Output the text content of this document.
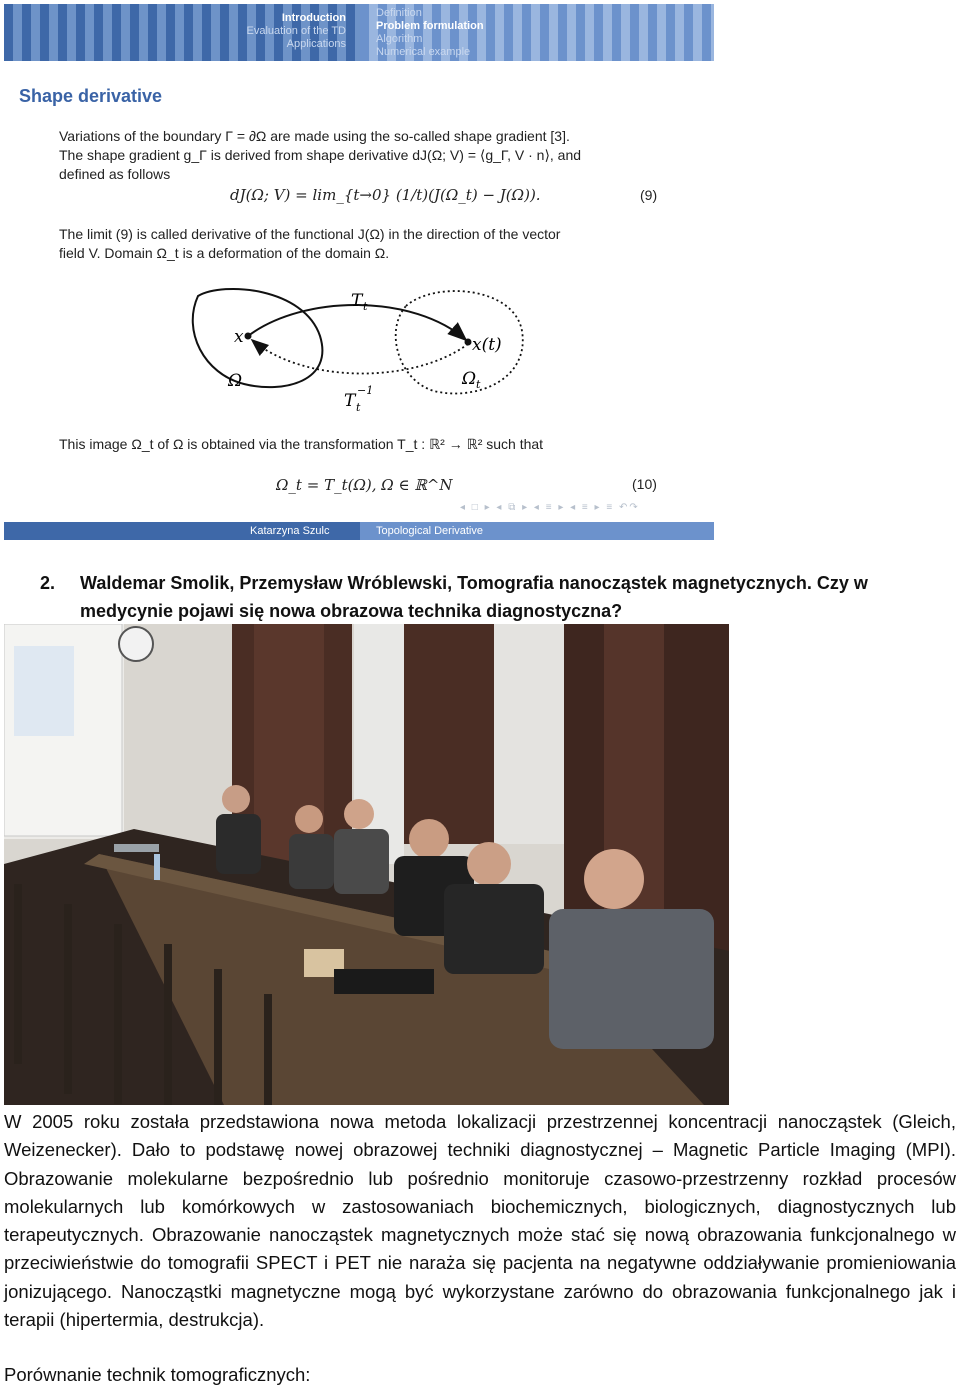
Introduction
Evaluation of the TD
Applications
Definition
Problem formulation
Algorithm
Numerical example
Shape derivative
Variations of the boundary Γ = ∂Ω are made using the so-called shape gradient [3].
The shape gradient g_Γ is derived from shape derivative dJ(Ω; V) = ⟨g_Γ, V · n⟩, and
defined as follows
dJ(Ω; V) = lim_{t→0} (1/t)(J(Ω_t) − J(Ω)).	(9)
The limit (9) is called derivative of the functional J(Ω) in the direction of the vector
field V. Domain Ω_t is a deformation of the domain Ω.
T t
x	x(t)
Ω	Ω t
T t
−1
This image Ω_t of Ω is obtained via the transformation T_t : ℝ² → ℝ² such that
Ω_t = T_t(Ω), Ω ∈ ℝ^N	(10)
◂ □ ▸ ◂ ⧉ ▸ ◂ ≡ ▸ ◂ ≡ ▸ ≡ ↶↷
Katarzyna Szulc	Topological Derivative
2. Waldemar Smolik, Przemysław Wróblewski, Tomografia nanocząstek magnetycznych. Czy w medycynie pojawi się nowa obrazowa technika diagnostyczna?
W 2005 roku została przedstawiona nowa metoda lokalizacji przestrzennej koncentracji nanocząstek (Gleich, Weizenecker). Dało to podstawę nowej obrazowej techniki diagnostycznej – Magnetic Particle Imaging (MPI). Obrazowanie molekularne bezpośrednio lub pośrednio monitoruje czasowo-przestrzenny rozkład procesów molekularnych lub komórkowych w zastosowaniach biochemicznych, biologicznych, diagnostycznych lub terapeutycznych. Obrazowanie nanocząstek magnetycznych może stać się nową obrazowania funkcjonalnego w przeciwieństwie do tomografii SPECT i PET nie naraża się pacjenta na negatywne oddziaływanie promieniowania jonizującego. Nanocząstki magnetyczne mogą być wykorzystane zarówno do obrazowania funkcjonalnego jak i terapii (hipertermia, destrukcja).
Porównanie technik tomograficznych:
